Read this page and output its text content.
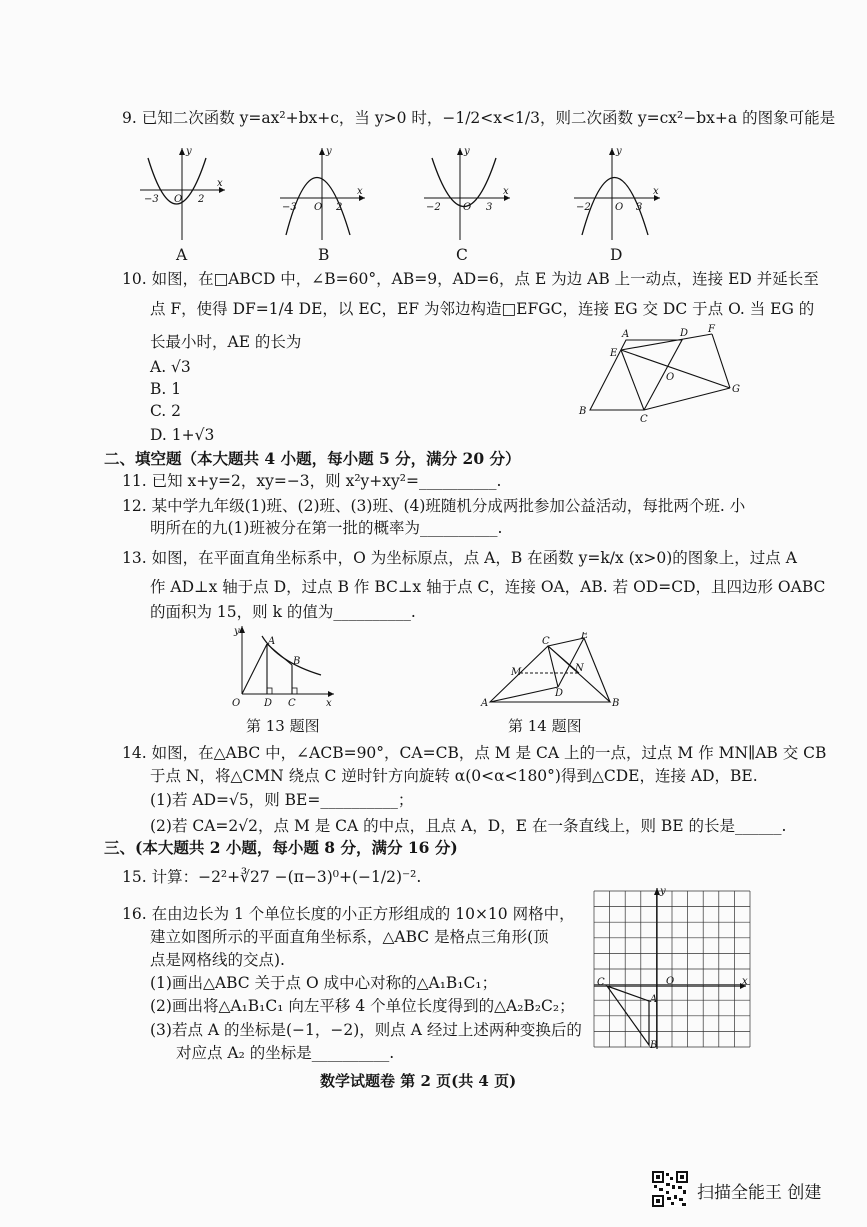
9. 已知二次函数 y=ax²+bx+c，当 y>0 时，−1/2<x<1/3，则二次函数 y=cx²−bx+a 的图象可能是
−3 O 2
y
x
−3 O 2
y
x
−2 O 3
y
x
−2 O 3
y
x
A	B	C	D
10. 如图，在□ABCD 中，∠B=60°，AB=9，AD=6，点 E 为边 AB 上一动点，连接 ED 并延长至
点 F，使得 DF=1/4 DE，以 EC，EF 为邻边构造□EFGC，连接 EG 交 DC 于点 O. 当 EG 的
长最小时，AE 的长为
A. √3
B. 1
C. 2
D. 1+√3
A	D F
E
O
G
B
C
二、填空题（本大题共 4 小题，每小题 5 分，满分 20 分）
11. 已知 x+y=2，xy=−3，则 x²y+xy²=__________.
12. 某中学九年级(1)班、(2)班、(3)班、(4)班随机分成两批参加公益活动，每批两个班. 小
明所在的九(1)班被分在第一批的概率为__________.
13. 如图，在平面直角坐标系中，O 为坐标原点，点 A，B 在函数 y=k/x (x>0)的图象上，过点 A
作 AD⊥x 轴于点 D，过点 B 作 BC⊥x 轴于点 C，连接 OA，AB. 若 OD=CD，且四边形 OABC
的面积为 15，则 k 的值为__________.
y
A
B
O D C	x
第 13 题图
C
E
M	N
D
A	B
第 14 题图
14. 如图，在△ABC 中，∠ACB=90°，CA=CB，点 M 是 CA 上的一点，过点 M 作 MN∥AB 交 CB
于点 N，将△CMN 绕点 C 逆时针方向旋转 α(0<α<180°)得到△CDE，连接 AD，BE.
(1)若 AD=√5，则 BE=__________；
(2)若 CA=2√2，点 M 是 CA 的中点，且点 A，D，E 在一条直线上，则 BE 的长是______.
三、(本大题共 2 小题，每小题 8 分，满分 16 分)
15. 计算：−2²+∛27 −(π−3)⁰+(−1/2)⁻².
16. 在由边长为 1 个单位长度的小正方形组成的 10×10 网格中，
建立如图所示的平面直角坐标系，△ABC 是格点三角形(顶
点是网格线的交点).
(1)画出△ABC 关于点 O 成中心对称的△A₁B₁C₁；
(2)画出将△A₁B₁C₁ 向左平移 4 个单位长度得到的△A₂B₂C₂；
(3)若点 A 的坐标是(−1，−2)，则点 A 经过上述两种变换后的
对应点 A₂ 的坐标是__________.
y
C	O	x
A
B
数学试题卷 第 2 页(共 4 页)
扫描全能王 创建
